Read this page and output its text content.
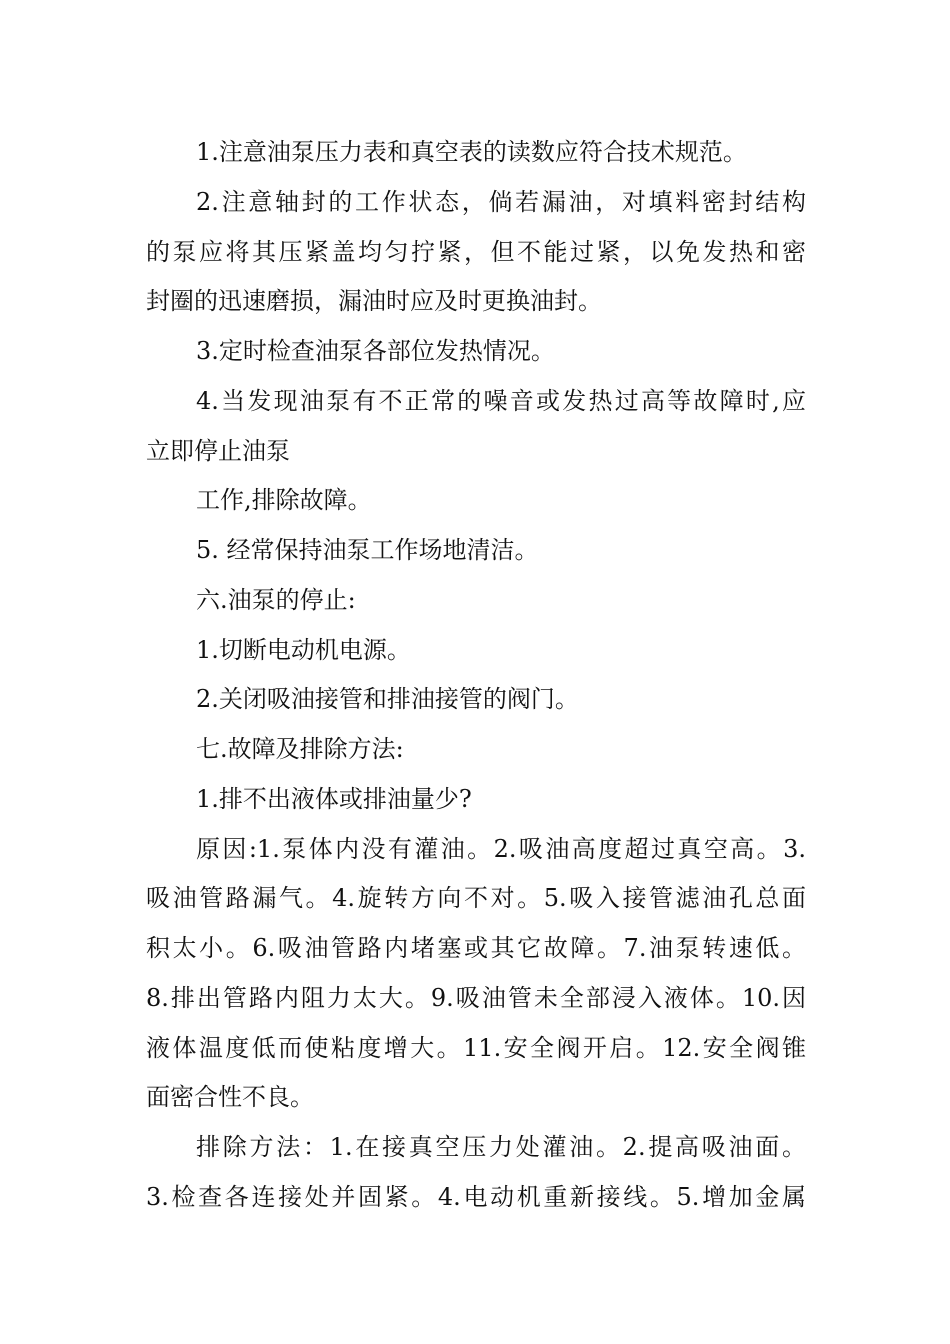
1.注意油泵压力表和真空表的读数应符合技术规范。
2.注意轴封的工作状态，倘若漏油，对填料密封结构
的泵应将其压紧盖均匀拧紧，但不能过紧，以免发热和密
封圈的迅速磨损，漏油时应及时更换油封。
3.定时检查油泵各部位发热情况。
4.当发现油泵有不正常的噪音或发热过高等故障时,应
立即停止油泵
工作,排除故障。
5. 经常保持油泵工作场地清洁。
六.油泵的停止:
1.切断电动机电源。
2.关闭吸油接管和排油接管的阀门。
七.故障及排除方法:
1.排不出液体或排油量少?
原因:1.泵体内没有灌油。2.吸油高度超过真空高。3.
吸油管路漏气。4.旋转方向不对。5.吸入接管滤油孔总面
积太小。6.吸油管路内堵塞或其它故障。7.油泵转速低。
8.排出管路内阻力太大。9.吸油管未全部浸入液体。10.因
液体温度低而使粘度增大。11.安全阀开启。12.安全阀锥
面密合性不良。
排除方法：1.在接真空压力处灌油。2.提高吸油面。
3.检查各连接处并固紧。4.电动机重新接线。5.增加金属
